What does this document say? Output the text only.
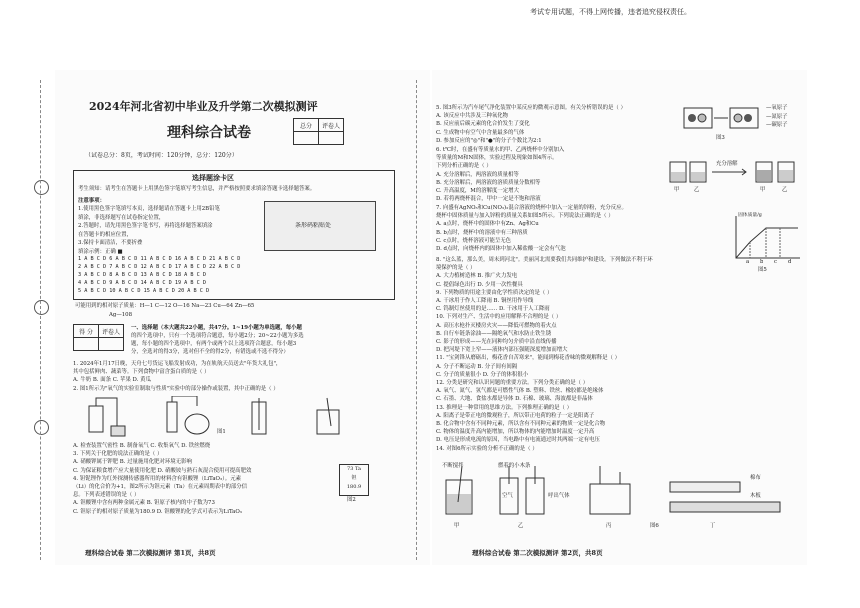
考试专用试题，不得上网传播，违者追究侵权责任。
2024年河北省初中毕业及升学第二次模拟测评
理科综合试卷	总分	评卷人

（试卷总分：8页，考试时间：120分钟，总分：120分）
选择题涂卡区
考生须知：请考生在答题卡上用黑色签字笔填写考生信息，并严格按照要求填涂答题卡选择题答案。
注意事项：
1.使用黑色签字笔填写本页，选择题请在答题卡上用2B铅笔
填涂，非选择题写在试卷指定位置，
2.答题时，请先用黑色签字笔书写，再将选择题答案填涂
在答题卡的相应位置，
3.保持卡面清洁，不要折叠
填涂示例：正确 ■
条形码粘贴处
1 A B C D 6 A B C D 11 A B C D 16 A B C D 21 A B C D
2 A B C D 7 A B C D 12 A B C D 17 A B C D 22 A B C D
3 A B C D 8 A B C D 13 A B C D 18 A B C D
4 A B C D 9 A B C D 14 A B C D 19 A B C D
5 A B C D 10 A B C D 15 A B C D 20 A B C D
可能用到的相对原子质量：H—1 C—12 O—16 Na—23 Cu—64 Zn—65
Ag—108
得 分	评卷人

一、选择题（本大题共22小题，共47分。1~19小题为单选题，每小题
的四个选项中，只有一个选项符合题意，每小题2分；20~22小题为多选
题，每小题的四个选项中，有两个或两个以上选项符合题意，每小题3
分，全选对的得3分，选对但不全的得2分，有错选或不选不得分）
1. 2024年1月17日晚，天舟七号货运飞船发射成功，为在轨航天员送去"年货大礼包"，
其中包括鲜肉、蔬菜等。下列食物中富含蛋白质的是（ ）
A. 牛奶 B. 面条 C. 苹果 D. 黄瓜
2. 图1所示为"氧气的实验室制取与性质"实验中的部分操作或装置，其中正确的是（ ）
图1
A. 检查装置气密性 B. 制备氧气 C. 收集氧气 D. 铁丝燃烧
3. 下列关于化肥的说法正确的是（ ）
A. 硝酸钾属于钾肥 B. 过量施用化肥对环境无影响
C. 为保证粮食增产应大量使用化肥 D. 硝酸铵与熟石灰混合使用可提高肥效
4. 钽铌锂作为红外探测传感器所用的材料含有钽酸锂（LiTaO₃）。元素
（Li）的化合价为+1，图2所示为钽元素（Ta）在元素周期表中的部分信
息。下列表述错误的是（ ）
A. 钽酸锂中含有两种金属元素 B. 钽原子核内的中子数为73
C. 钽原子的相对原子质量为180.9 D. 钽酸锂的化学式可表示为LiTaO₃
73 Ta
钽
180.9
图2
理科综合试卷 第二次模拟测评 第1页，共8页
5. 图3所示为汽车尾气净化装置中某反应的微观示意图。有关分析错误的是（ ）
A. 该反应中共涉及三种氧化物
B. 反应前后碳元素的化合价发生了变化
C. 生成物中有空气中含量最多的气体
D. 参加反应的"◎"和"●"的分子个数比为2:1
—氧原子
—氮原子
—碳原子
图3
6. t℃时，在盛有等质量水的甲、乙两烧杯中分别加入
等质量的M和N固体，实验过程及现象如图4所示。
下列分析正确的是（ ）
A. 充分溶解后，两溶液的质量相等
B. 充分溶解后，两溶液的溶质质量分数相等
C. 升高温度，M的溶解度一定增大
D. 若将两烧杯混合，甲中一定是不饱和溶液
充分溶解
甲	乙	甲	乙
7. 向盛有AgNO₃和Cu(NO₃)₂混合溶液的烧杯中加入一定量的锌粉，充分反应。
烧杯中固体质量与加入锌粉的质量关系如图5所示。下列说法正确的是（ ）
A. a点时，烧杯中的固体中有Zn、Ag和Cu
B. b点时，烧杯中的溶液中有三种溶质
C. c点时，烧杯溶液可能呈无色
D. d点时，向烧杯内的固体中加入稀盐酸一定会有气泡
固体质量/g
a b c d
图5
8. "这么蓝，那么美，周末到河北"。美丽河北需要我们共同维护和建设。下列做法不利于环
境保护的是（ ）
A. 大力植树造林 B. 推广火力发电
C. 提倡绿色出行 D. 少用一次性餐具
9. 下列物质的用途主要由化学性质决定的是（ ）
A. 干冰用于作人工降雨 B. 铜丝用作导线
C. 钨制灯丝使用的是…… D. 干冰用于人工降雨
10. 下列对生产、生活中的应用解释不合理的是（ ）
A. 高压水枪扑灭楼房火灾——降低可燃物的着火点
B. 自行车链条涂油——隔绝氧气和水防止铁生锈
C. 影子的形成——光在同种均匀介质中沿直线传播
D. 把河堤下宽上窄——液体内部压强随深度增加而增大
11. "宝剑锋从磨砺出，梅花香自苦寒来"，能闻到梅花香味的微观解释是（ ）
A. 分子不断运动 B. 分子间有间隔
C. 分子的质量很小 D. 分子的体积很小
12. 分类是研究和认识问题的重要方法。下列分类正确的是（ ）
A. 氧气、氮气、氢气都是可燃性气体 B. 塑料、铁丝、橡胶都是绝缘体
C. 石墨、大地、食盐水都是导体 D. 石棉、玻璃、海波都是非晶体
13. 推理是一种常用的思维方法。下列推理正确的是（ ）
A. 阳离子是带正电的微观粒子，所以带正电荷的粒子一定是阳离子
B. 化合物中含有不同种元素，所以含有不同种元素的物质一定是化合物
C. 物体的温度升高内能增加，所以物体的内能增加时温度一定升高
D. 电压是形成电流的原因，当电路中有电流通过时其两端一定有电压
14. 对图6所示实验的分析不正确的是（ ）
不断搅拌	燃着的小木条
空气	呼出气体
棉布
木板
甲	乙	丙	丁
图6
理科综合试卷 第二次模拟测评 第2页，共8页
